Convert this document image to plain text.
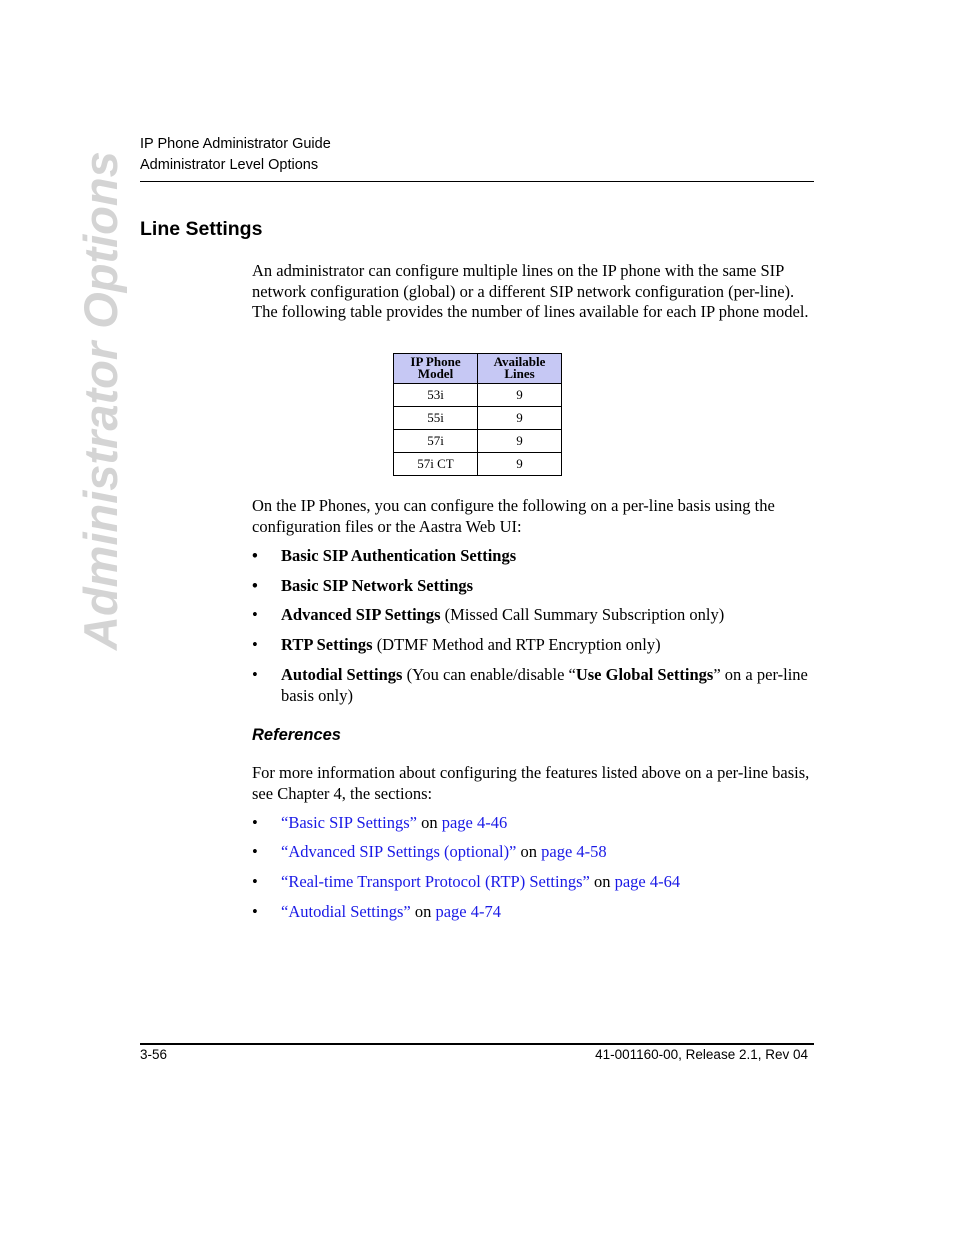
IP Phone Administrator Guide
Administrator Level Options
Administrator Options Line Settings

An administrator can configure multiple lines on the IP phone with the same SIP network configuration (global) or a different SIP network configuration (per-line). The following table provides the number of lines available for each IP phone model.

IP Phone Model	Available Lines
53i	9
55i	9
57i	9
57i CT	9

On the IP Phones, you can configure the following on a per-line basis using the configuration files or the Aastra Web UI:

•	Basic SIP Authentication Settings
•	Basic SIP Network Settings
•	Advanced SIP Settings (Missed Call Summary Subscription only)
•	RTP Settings (DTMF Method and RTP Encryption only)
•	Autodial Settings (You can enable/disable “Use Global Settings” on a per-line basis only)
References

For more information about configuring the features listed above on a per-line basis, see Chapter 4, the sections:

•	“Basic SIP Settings” on page 4-46
•	“Advanced SIP Settings (optional)” on page 4-58
•	“Real-time Transport Protocol (RTP) Settings” on page 4-64
•	“Autodial Settings” on page 4-74
3-56	41-001160-00, Release 2.1, Rev 04
